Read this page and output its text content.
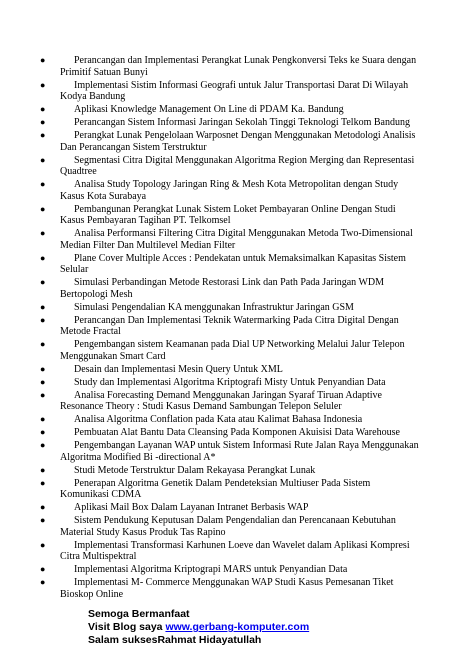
●	Perancangan dan Implementasi Perangkat Lunak Pengkonversi Teks ke Suara dengan Primitif Satuan Bunyi
●	Implementasi Sistim Informasi Geografi untuk Jalur Transportasi Darat Di Wilayah Kodya Bandung
●	Aplikasi Knowledge Management On Line di PDAM Ka. Bandung
●	Perancangan Sistem Informasi Jaringan Sekolah Tinggi Teknologi Telkom Bandung
●	Perangkat Lunak Pengelolaan Warposnet Dengan Menggunakan Metodologi Analisis Dan Perancangan Sistem Terstruktur
●	Segmentasi Citra Digital Menggunakan Algoritma Region Merging dan Representasi Quadtree
●	Analisa Study Topology Jaringan Ring & Mesh Kota Metropolitan dengan Study Kasus Kota Surabaya
●	Pembangunan Perangkat Lunak Sistem Loket Pembayaran Online Dengan Studi Kasus Pembayaran Tagihan PT. Telkomsel
●	Analisa Performansi Filtering Citra Digital Menggunakan Metoda Two-Dimensional Median Filter Dan Multilevel Median Filter
●	Plane Cover Multiple Acces : Pendekatan untuk Memaksimalkan Kapasitas Sistem Selular
●	Simulasi Perbandingan Metode Restorasi Link dan Path Pada Jaringan WDM Bertopologi Mesh
●	Simulasi Pengendalian KA menggunakan Infrastruktur Jaringan GSM
●	Perancangan Dan Implementasi Teknik Watermarking Pada Citra Digital Dengan Metode Fractal
●	Pengembangan sistem Keamanan pada Dial UP Networking Melalui Jalur Telepon Menggunakan Smart Card
●	Desain dan Implementasi Mesin Query Untuk XML
●	Study dan Implementasi Algoritma Kriptografi Misty Untuk Penyandian Data
●	Analisa Forecasting Demand Menggunakan Jaringan Syaraf Tiruan Adaptive Resonance Theory : Studi Kasus Demand Sambungan Telepon Seluler
●	Analisa Algoritma Conflation pada Kata atau Kalimat Bahasa Indonesia
●	Pembuatan Alat Bantu Data Cleansing Pada Komponen Akuisisi Data Warehouse
●	Pengembangan Layanan WAP untuk Sistem Informasi Rute Jalan Raya Menggunakan Algoritma Modified Bi -directional A*
●	Studi Metode Terstruktur Dalam Rekayasa Perangkat Lunak
●	Penerapan Algoritma Genetik Dalam Pendeteksian Multiuser Pada Sistem Komunikasi CDMA
●	Aplikasi Mail Box Dalam Layanan Intranet Berbasis WAP
●	Sistem Pendukung Keputusan Dalam Pengendalian dan Perencanaan Kebutuhan Material Study Kasus Produk Tas Rapino
●	Implementasi Transformasi Karhunen Loeve dan Wavelet dalam Aplikasi Kompresi Citra Multispektral
●	Implementasi Algoritma Kriptograpi MARS untuk Penyandian Data
●	Implementasi M- Commerce Menggunakan WAP Studi Kasus Pemesanan Tiket Bioskop Online
Semoga Bermanfaat
Visit Blog saya www.gerbang-komputer.com
Salam suksesRahmat Hidayatullah
